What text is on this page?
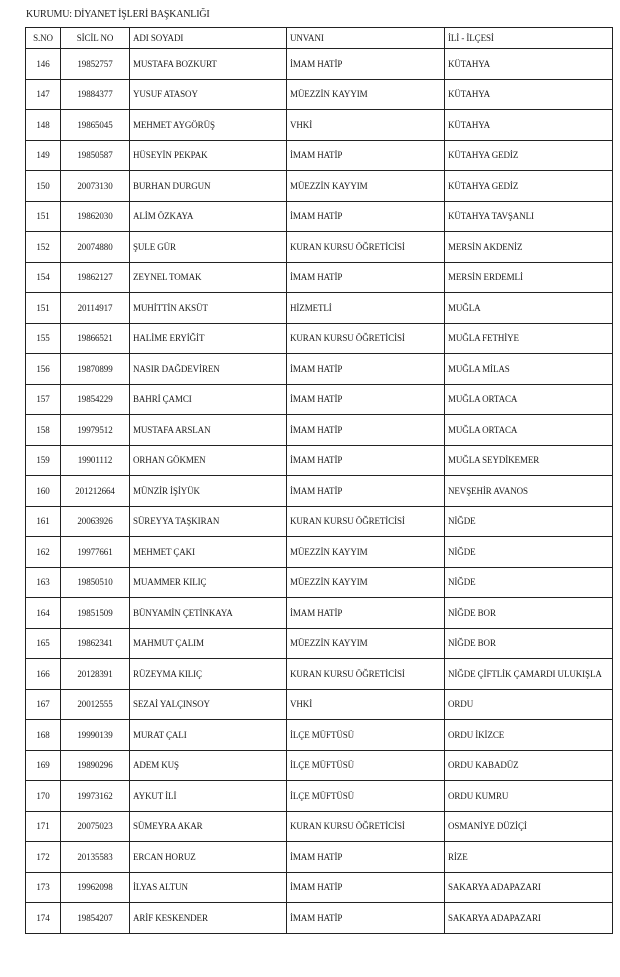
KURUMU: DİYANET İŞLERİ BAŞKANLIĞI
S.NO	SİCİL NO	ADI SOYADI	UNVANI	İLİ - İLÇESİ
146	19852757	MUSTAFA BOZKURT	İMAM HATİP	KÜTAHYA
147	19884377	YUSUF ATASOY	MÜEZZİN KAYYIM	KÜTAHYA
148	19865045	MEHMET AYGÖRÜŞ	VHKİ	KÜTAHYA
149	19850587	HÜSEYİN PEKPAK	İMAM HATİP	KÜTAHYA GEDİZ
150	20073130	BURHAN DURGUN	MÜEZZİN KAYYIM	KÜTAHYA GEDİZ
151	19862030	ALİM ÖZKAYA	İMAM HATİP	KÜTAHYA TAVŞANLI
152	20074880	ŞULE GÜR	KURAN KURSU ÖĞRETİCİSİ	MERSİN AKDENİZ
154	19862127	ZEYNEL TOMAK	İMAM HATİP	MERSİN ERDEMLİ
151	20114917	MUHİTTİN AKSÜT	HİZMETLİ	MUĞLA
155	19866521	HALİME ERYİĞİT	KURAN KURSU ÖĞRETİCİSİ	MUĞLA FETHİYE
156	19870899	NASIR DAĞDEVİREN	İMAM HATİP	MUĞLA MİLAS
157	19854229	BAHRİ ÇAMCI	İMAM HATİP	MUĞLA ORTACA
158	19979512	MUSTAFA ARSLAN	İMAM HATİP	MUĞLA ORTACA
159	19901112	ORHAN GÖKMEN	İMAM HATİP	MUĞLA SEYDİKEMER
160	201212664	MÜNZİR İŞİYÜK	İMAM HATİP	NEVŞEHİR AVANOS
161	20063926	SÜREYYA TAŞKIRAN	KURAN KURSU ÖĞRETİCİSİ	NİĞDE
162	19977661	MEHMET ÇAKI	MÜEZZİN KAYYIM	NİĞDE
163	19850510	MUAMMER KILIÇ	MÜEZZİN KAYYIM	NİĞDE
164	19851509	BÜNYAMİN ÇETİNKAYA	İMAM HATİP	NİĞDE BOR
165	19862341	MAHMUT ÇALIM	MÜEZZİN KAYYIM	NİĞDE BOR
166	20128391	RÜZEYMA KILIÇ	KURAN KURSU ÖĞRETİCİSİ	NİĞDE ÇİFTLİK ÇAMARDI ULUKIŞLA
167	20012555	SEZAİ YALÇINSOY	VHKİ	ORDU
168	19990139	MURAT ÇALI	İLÇE MÜFTÜSÜ	ORDU İKİZCE
169	19890296	ADEM KUŞ	İLÇE MÜFTÜSÜ	ORDU KABADÜZ
170	19973162	AYKUT İLİ	İLÇE MÜFTÜSÜ	ORDU KUMRU
171	20075023	SÜMEYRA AKAR	KURAN KURSU ÖĞRETİCİSİ	OSMANİYE DÜZİÇİ
172	20135583	ERCAN HORUZ	İMAM HATİP	RİZE
173	19962098	İLYAS ALTUN	İMAM HATİP	SAKARYA ADAPAZARI
174	19854207	ARİF KESKENDER	İMAM HATİP	SAKARYA ADAPAZARI
